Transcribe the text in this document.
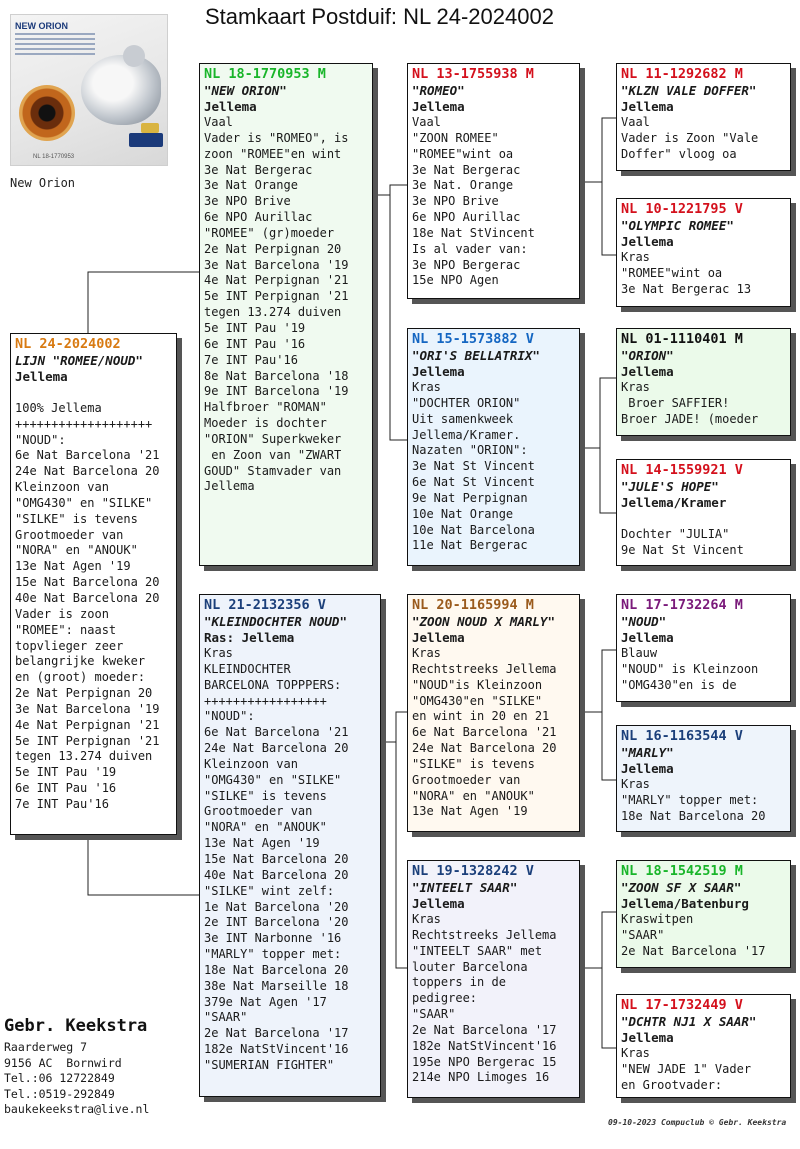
Stamkaart Postduif: NL 24-2024002
NEW ORION
NL 18-1770953
New Orion
NL 24-2024002
LIJN "ROMEE/NOUD"
Jellema
100% Jellema
+++++++++++++++++++
"NOUD":
6e Nat Barcelona '21
24e Nat Barcelona 20
Kleinzoon van
"OMG430" en "SILKE"
"SILKE" is tevens
Grootmoeder van
"NORA" en "ANOUK"
13e Nat Agen '19
15e Nat Barcelona 20
40e Nat Barcelona 20
Vader is zoon
"ROMEE": naast
topvlieger zeer
belangrijke kweker
en (groot) moeder:
2e Nat Perpignan 20
3e Nat Barcelona '19
4e Nat Perpignan '21
5e INT Perpignan '21
tegen 13.274 duiven
5e INT Pau '19
6e INT Pau '16
7e INT Pau'16
NL 18-1770953 M
"NEW ORION"
Jellema
Vaal
Vader is "ROMEO", is
zoon "ROMEE"en wint
3e Nat Bergerac
3e Nat Orange
3e NPO Brive
6e NPO Aurillac
"ROMEE" (gr)moeder
2e Nat Perpignan 20
3e Nat Barcelona '19
4e Nat Perpignan '21
5e INT Perpignan '21
tegen 13.274 duiven
5e INT Pau '19
6e INT Pau '16
7e INT Pau'16
8e Nat Barcelona '18
9e INT Barcelona '19
Halfbroer "ROMAN"
Moeder is dochter
"ORION" Superkweker
en Zoon van "ZWART
GOUD" Stamvader van
Jellema
NL 21-2132356 V
"KLEINDOCHTER NOUD"
Ras: Jellema
Kras
KLEINDOCHTER
BARCELONA TOPPPERS:
+++++++++++++++++
"NOUD":
6e Nat Barcelona '21
24e Nat Barcelona 20
Kleinzoon van
"OMG430" en "SILKE"
"SILKE" is tevens
Grootmoeder van
"NORA" en "ANOUK"
13e Nat Agen '19
15e Nat Barcelona 20
40e Nat Barcelona 20
"SILKE" wint zelf:
1e Nat Barcelona '20
2e INT Barcelona '20
3e INT Narbonne '16
"MARLY" topper met:
18e Nat Barcelona 20
38e Nat Marseille 18
379e Nat Agen '17
"SAAR"
2e Nat Barcelona '17
182e NatStVincent'16
"SUMERIAN FIGHTER"
NL 13-1755938 M
"ROMEO"
Jellema
Vaal
"ZOON ROMEE"
"ROMEE"wint oa
3e Nat Bergerac
3e Nat. Orange
3e NPO Brive
6e NPO Aurillac
18e Nat StVincent
Is al vader van:
3e NPO Bergerac
15e NPO Agen
NL 15-1573882 V
"ORI'S BELLATRIX"
Jellema
Kras
"DOCHTER ORION"
Uit samenkweek
Jellema/Kramer.
Nazaten "ORION":
3e Nat St Vincent
6e Nat St Vincent
9e Nat Perpignan
10e Nat Orange
10e Nat Barcelona
11e Nat Bergerac
NL 20-1165994 M
"ZOON NOUD X MARLY"
Jellema
Kras
Rechtstreeks Jellema
"NOUD"is Kleinzoon
"OMG430"en "SILKE"
en wint in 20 en 21
6e Nat Barcelona '21
24e Nat Barcelona 20
"SILKE" is tevens
Grootmoeder van
"NORA" en "ANOUK"
13e Nat Agen '19
NL 19-1328242 V
"INTEELT SAAR"
Jellema
Kras
Rechtstreeks Jellema
"INTEELT SAAR" met
louter Barcelona
toppers in de
pedigree:
"SAAR"
2e Nat Barcelona '17
182e NatStVincent'16
195e NPO Bergerac 15
214e NPO Limoges 16
NL 11-1292682 M
"KLZN VALE DOFFER"
Jellema
Vaal
Vader is Zoon "Vale
Doffer" vloog oa
NL 10-1221795 V
"OLYMPIC ROMEE"
Jellema
Kras
"ROMEE"wint oa
3e Nat Bergerac 13
NL 01-1110401 M
"ORION"
Jellema
Kras
Broer SAFFIER!
Broer JADE! (moeder
NL 14-1559921 V
"JULE'S HOPE"
Jellema/Kramer
Dochter "JULIA"
9e Nat St Vincent
NL 17-1732264 M
"NOUD"
Jellema
Blauw
"NOUD" is Kleinzoon
"OMG430"en is de
NL 16-1163544 V
"MARLY"
Jellema
Kras
"MARLY" topper met:
18e Nat Barcelona 20
NL 18-1542519 M
"ZOON SF X SAAR"
Jellema/Batenburg
Kraswitpen
"SAAR"
2e Nat Barcelona '17
NL 17-1732449 V
"DCHTR NJ1 X SAAR"
Jellema
Kras
"NEW JADE 1" Vader
en Grootvader:
Gebr. Keekstra
Raarderweg 7
9156 AC  Bornwird
Tel.:06 12722849
Tel.:0519-292849
baukekeekstra@live.nl
09-10-2023 Compuclub © Gebr. Keekstra
